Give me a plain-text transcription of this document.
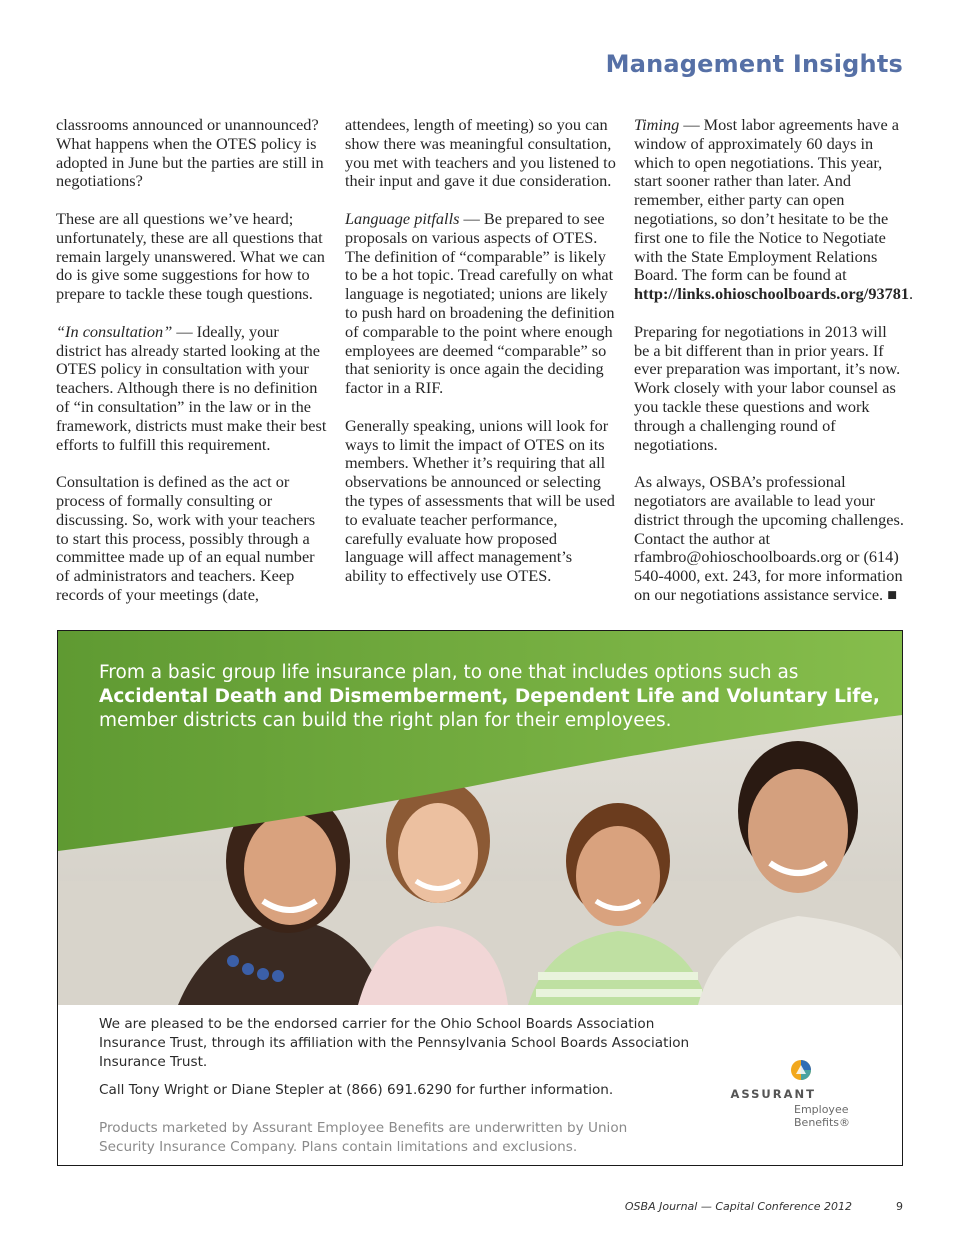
Management Insights

classrooms announced or unannounced? What happens when the OTES policy is adopted in June but the parties are still in negotiations?

These are all questions we’ve heard; unfortunately, these are all questions that remain largely unanswered. What we can do is give some suggestions for how to prepare to tackle these tough questions.

“In consultation” — Ideally, your district has already started looking at the OTES policy in consultation with your teachers. Although there is no definition of “in consultation” in the law or in the framework, districts must make their best efforts to fulfill this requirement.

Consultation is defined as the act or process of formally consulting or discussing. So, work with your teachers to start this process, possibly through a committee made up of an equal number of administrators and teachers. Keep records of your meetings (date,

attendees, length of meeting) so you can show there was meaningful consultation, you met with teachers and you listened to their input and gave it due consideration.

Language pitfalls — Be prepared to see proposals on various aspects of OTES. The definition of “comparable” is likely to be a hot topic. Tread carefully on what language is negotiated; unions are likely to push hard on broadening the definition of comparable to the point where enough employees are deemed “comparable” so that seniority is once again the deciding factor in a RIF.

Generally speaking, unions will look for ways to limit the impact of OTES on its members. Whether it’s requiring that all observations be announced or selecting the types of assessments that will be used to evaluate teacher performance, carefully evaluate how proposed language will affect management’s ability to effectively use OTES.

Timing — Most labor agreements have a window of approximately 60 days in which to open negotiations. This year, start sooner rather than later. And remember, either party can open negotiations, so don’t hesitate to be the first one to file the Notice to Negotiate with the State Employment Relations Board. The form can be found at http://links.ohioschoolboards.org/93781.

Preparing for negotiations in 2013 will be a bit different than in prior years. If ever preparation was important, it’s now. Work closely with your labor counsel as you tackle these questions and work through a challenging round of negotiations.

As always, OSBA’s professional negotiators are available to lead your district through the upcoming challenges. Contact the author at rfambro@ohioschoolboards.org or (614) 540-4000, ext. 243, for more information on our negotiations assistance service. ■

From a basic group life insurance plan, to one that includes options such as
Accidental Death and Dismemberment, Dependent Life and Voluntary Life,
member districts can build the right plan for their employees.

We are pleased to be the endorsed carrier for the Ohio School Boards Association Insurance Trust, through its affiliation with the Pennsylvania School Boards Association Insurance Trust.

Call Tony Wright or Diane Stepler at (866) 691.6290 for further information.

Products marketed by Assurant Employee Benefits are underwritten by Union Security Insurance Company. Plans contain limitations and exclusions.
ASSURANT
Employee
Benefits®
OSBA Journal — Capital Conference 2012	9
